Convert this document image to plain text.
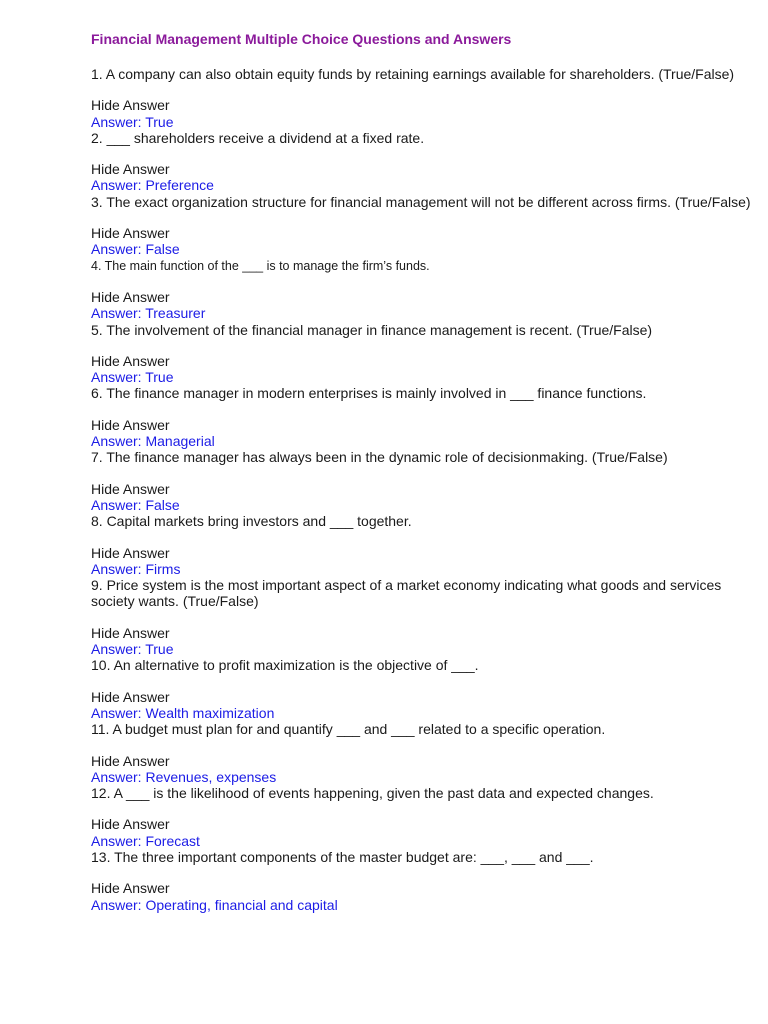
Financial Management Multiple Choice Questions and Answers

1. A company can also obtain equity funds by retaining earnings available for shareholders. (True/False)

Hide Answer

Answer: True

2. ___ shareholders receive a dividend at a fixed rate.

Hide Answer

Answer: Preference

3. The exact organization structure for financial management will not be different across firms. (True/False)

Hide Answer

Answer: False

4. The main function of the ___ is to manage the firm’s funds.

Hide Answer

Answer: Treasurer

5. The involvement of the financial manager in finance management is recent. (True/False)

Hide Answer

Answer: True

6. The finance manager in modern enterprises is mainly involved in ___ finance functions.

Hide Answer

Answer: Managerial

7. The finance manager has always been in the dynamic role of decisionmaking. (True/False)

Hide Answer

Answer: False

8. Capital markets bring investors and ___ together.

Hide Answer

Answer: Firms

9. Price system is the most important aspect of a market economy indicating what goods and services society wants. (True/False)

Hide Answer

Answer: True

10. An alternative to profit maximization is the objective of ___.

Hide Answer

Answer: Wealth maximization

11. A budget must plan for and quantify ___ and ___ related to a specific operation.

Hide Answer

Answer: Revenues, expenses

12. A ___ is the likelihood of events happening, given the past data and expected changes.

Hide Answer

Answer: Forecast

13. The three important components of the master budget are: ___, ___ and ___.

Hide Answer

Answer: Operating, financial and capital
